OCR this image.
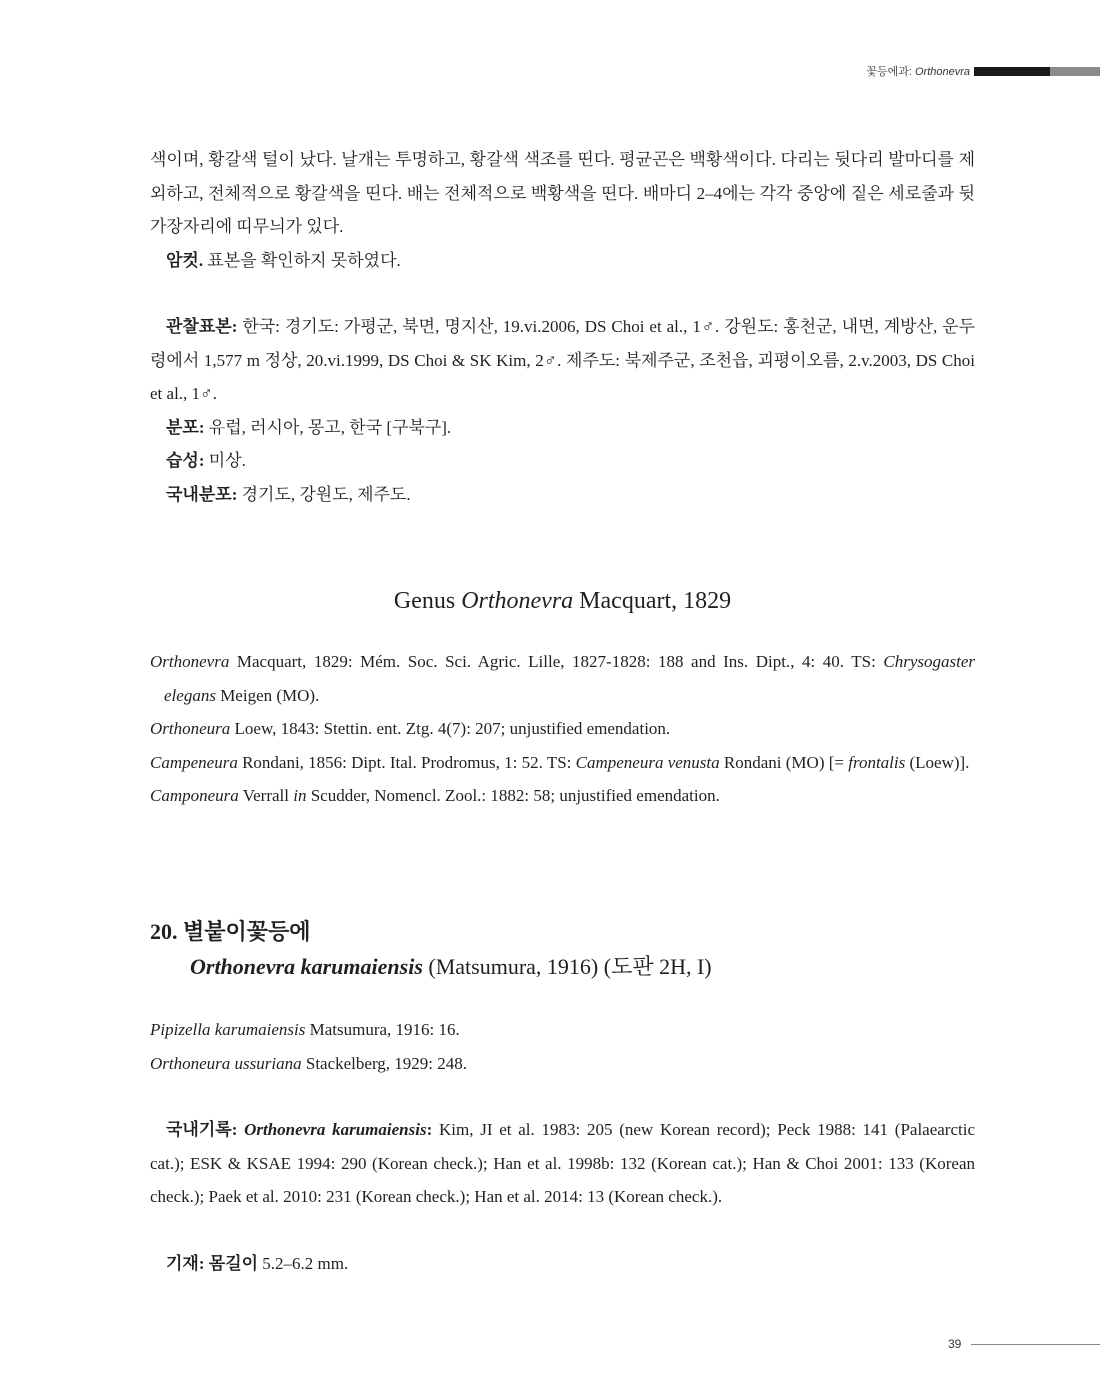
꽃등에과: Orthonevra

색이며, 황갈색 털이 났다. 날개는 투명하고, 황갈색 색조를 띤다. 평균곤은 백황색이다. 다리는 뒷다리 발마디를 제외하고, 전체적으로 황갈색을 띤다. 배는 전체적으로 백황색을 띤다. 배마디 2–4에는 각각 중앙에 짙은 세로줄과 뒷가장자리에 띠무늬가 있다.

암컷. 표본을 확인하지 못하였다.

관찰표본: 한국: 경기도: 가평군, 북면, 명지산, 19.vi.2006, DS Choi et al., 1♂. 강원도: 홍천군, 내면, 계방산, 운두령에서 1,577 m 정상, 20.vi.1999, DS Choi & SK Kim, 2♂. 제주도: 북제주군, 조천읍, 괴평이오름, 2.v.2003, DS Choi et al., 1♂.

분포: 유럽, 러시아, 몽고, 한국 [구북구].

습성: 미상.

국내분포: 경기도, 강원도, 제주도.

Genus Orthonevra Macquart, 1829

Orthonevra Macquart, 1829: Mém. Soc. Sci. Agric. Lille, 1827-1828: 188 and Ins. Dipt., 4: 40. TS: Chrysogaster elegans Meigen (MO).

Orthoneura Loew, 1843: Stettin. ent. Ztg. 4(7): 207; unjustified emendation.

Campeneura Rondani, 1856: Dipt. Ital. Prodromus, 1: 52. TS: Campeneura venusta Rondani (MO) [= frontalis (Loew)].

Camponeura Verrall in Scudder, Nomencl. Zool.: 1882: 58; unjustified emendation.

20. 별붙이꽃등에
Orthonevra karumaiensis (Matsumura, 1916) (도판 2H, I)

Pipizella karumaiensis Matsumura, 1916: 16.

Orthoneura ussuriana Stackelberg, 1929: 248.

국내기록: Orthonevra karumaiensis: Kim, JI et al. 1983: 205 (new Korean record); Peck 1988: 141 (Palaearctic cat.); ESK & KSAE 1994: 290 (Korean check.); Han et al. 1998b: 132 (Korean cat.); Han & Choi 2001: 133 (Korean check.); Paek et al. 2010: 231 (Korean check.); Han et al. 2014: 13 (Korean check.).

기재: 몸길이 5.2–6.2 mm.

39
